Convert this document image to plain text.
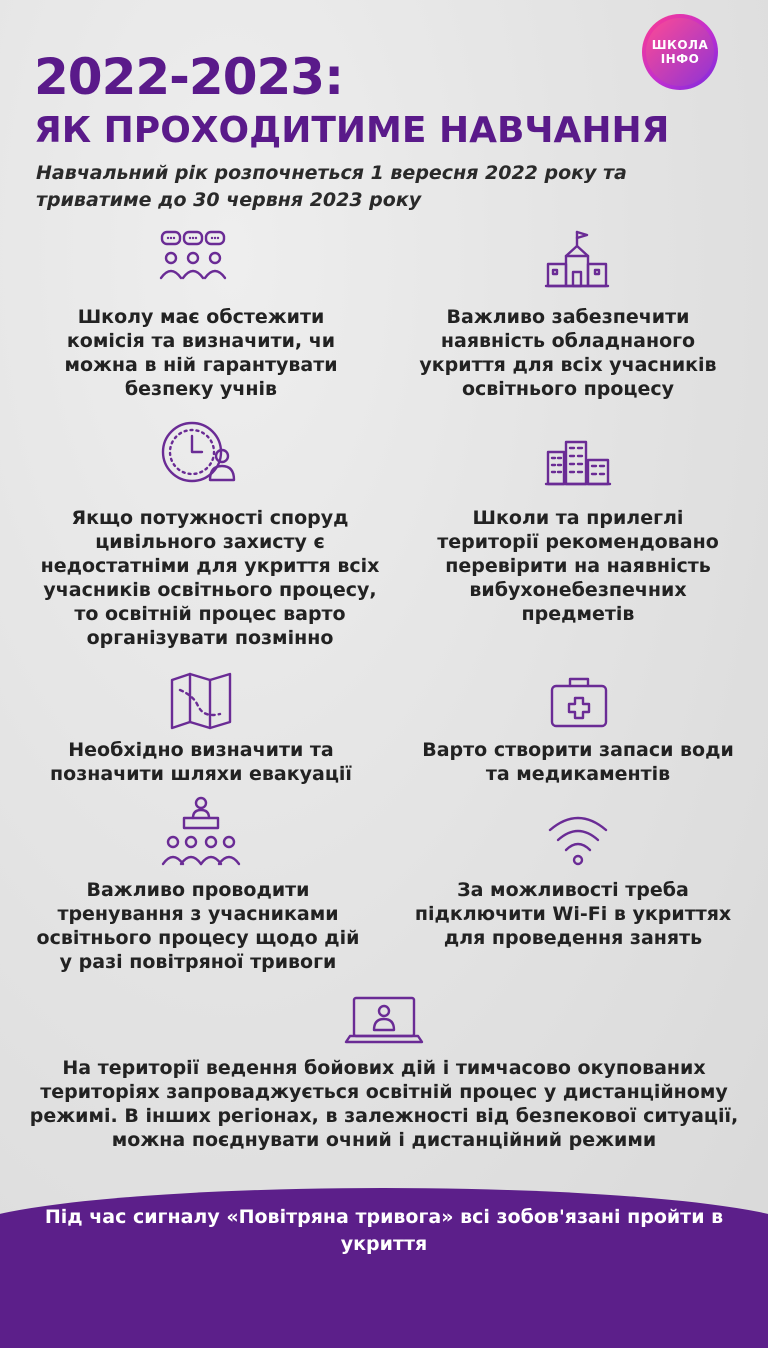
ШКОЛА
ІНФО
2022-2023:
ЯК ПРОХОДИТИМЕ НАВЧАННЯ
Навчальний рік розпочнеться 1 вересня 2022 року та триватиме до 30 червня 2023 року
Школу має обстежити комісія та визначити, чи можна в ній гарантувати безпеку учнів
Важливо забезпечити наявність обладнаного укриття для всіх учасників освітнього процесу
Якщо потужності споруд цивільного захисту є недостатніми для укриття всіх учасників освітнього процесу, то освітній процес варто організувати позмінно
Школи та прилеглі території рекомендовано перевірити на наявність вибухонебезпечних предметів
Необхідно визначити та позначити шляхи евакуації
Варто створити запаси води та медикаментів
Важливо проводити тренування з учасниками освітнього процесу щодо дій у разі повітряної тривоги
За можливості треба підключити Wi-Fi в укриттях для проведення занять
На території ведення бойових дій і тимчасово окупованих територіях запроваджується освітній процес у дистанційному режимі. В інших регіонах, в залежності від безпекової ситуації, можна поєднувати очний і дистанційний режими
Під час сигналу «Повітряна тривога» всі зобов'язані пройти в укриття
